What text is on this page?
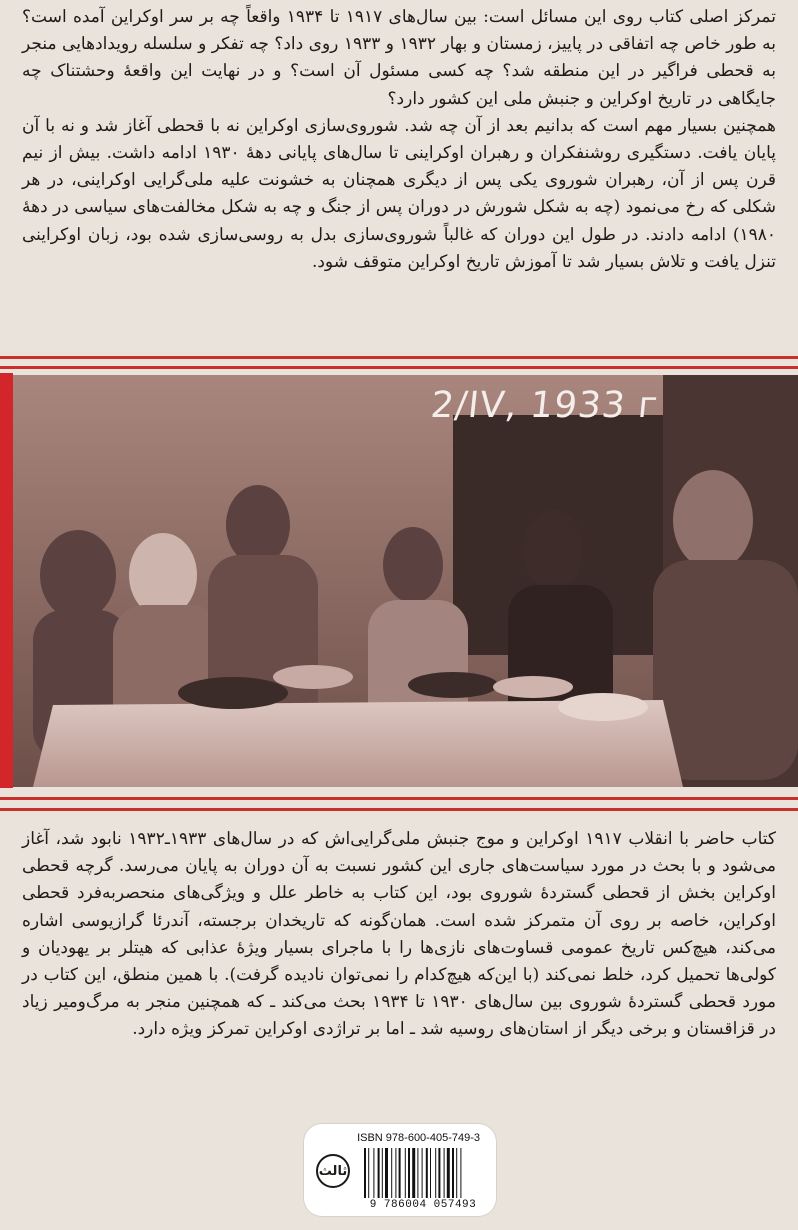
تمرکز اصلی کتاب روی این مسائل است: بین سال‌های ۱۹۱۷ تا ۱۹۳۴ واقعاً چه بر سر اوکراین آمده است؟ به طور خاص چه اتفاقی در پاییز، زمستان و بهار ۱۹۳۲ و ۱۹۳۳ روی داد؟ چه تفکر و سلسله رویدادهایی منجر به قحطی فراگیر در این منطقه شد؟ چه کسی مسئول آن است؟ و در نهایت این واقعهٔ وحشتناک چه جایگاهی در تاریخ اوکراین و جنبش ملی این کشور دارد؟

همچنین بسیار مهم است که بدانیم بعد از آن چه شد. شوروی‌سازی اوکراین نه با قحطی آغاز شد و نه با آن پایان یافت. دستگیری روشنفکران و رهبران اوکراینی تا سال‌های پایانی دههٔ ۱۹۳۰ ادامه داشت. بیش از نیم قرن پس از آن، رهبران شوروی یکی پس از دیگری همچنان به خشونت علیه ملی‌گرایی اوکراینی، در هر شکلی که رخ می‌نمود (چه به شکل شورش در دوران پس از جنگ و چه به شکل مخالفت‌های سیاسی در دههٔ ۱۹۸۰) ادامه دادند. در طول این دوران که غالباً شوروی‌سازی بدل به روسی‌سازی شده بود، زبان اوکراینی تنزل یافت و تلاش بسیار شد تا آموزش تاریخ اوکراین متوقف شود.

2/IV, 1933 г

کتاب حاضر با انقلاب ۱۹۱۷ اوکراین و موج جنبش ملی‌گرایی‌اش که در سال‌های ۱۹۳۳ـ۱۹۳۲ نابود شد، آغاز می‌شود و با بحث در مورد سیاست‌های جاری این کشور نسبت به آن دوران به پایان می‌رسد. گرچه قحطی اوکراین بخش از قحطی گستردهٔ شوروی بود، این کتاب به خاطر علل و ویژگی‌های منحصربه‌فرد قحطی اوکراین، خاصه بر روی آن متمرکز شده است. همان‌گونه که تاریخدان برجسته، آندرئا گرازیوسی اشاره می‌کند، هیچ‌کس تاریخ عمومی قساوت‌های نازی‌ها را با ماجرای بسیار ویژهٔ عذابی که هیتلر بر یهودیان و کولی‌ها تحمیل کرد، خلط نمی‌کند (با این‌که هیچ‌کدام را نمی‌توان نادیده گرفت). با همین منطق، این کتاب در مورد قحطی گستردهٔ شوروی بین سال‌های ۱۹۳۰ تا ۱۹۳۴ بحث می‌کند ـ که همچنین منجر به مرگ‌ومیر زیاد در قزاقستان و برخی دیگر از استان‌های روسیه شد ـ اما بر تراژدی اوکراین تمرکز ویژه دارد.

ISBN 978-600-405-749-3
ثالث
9 786004 057493
